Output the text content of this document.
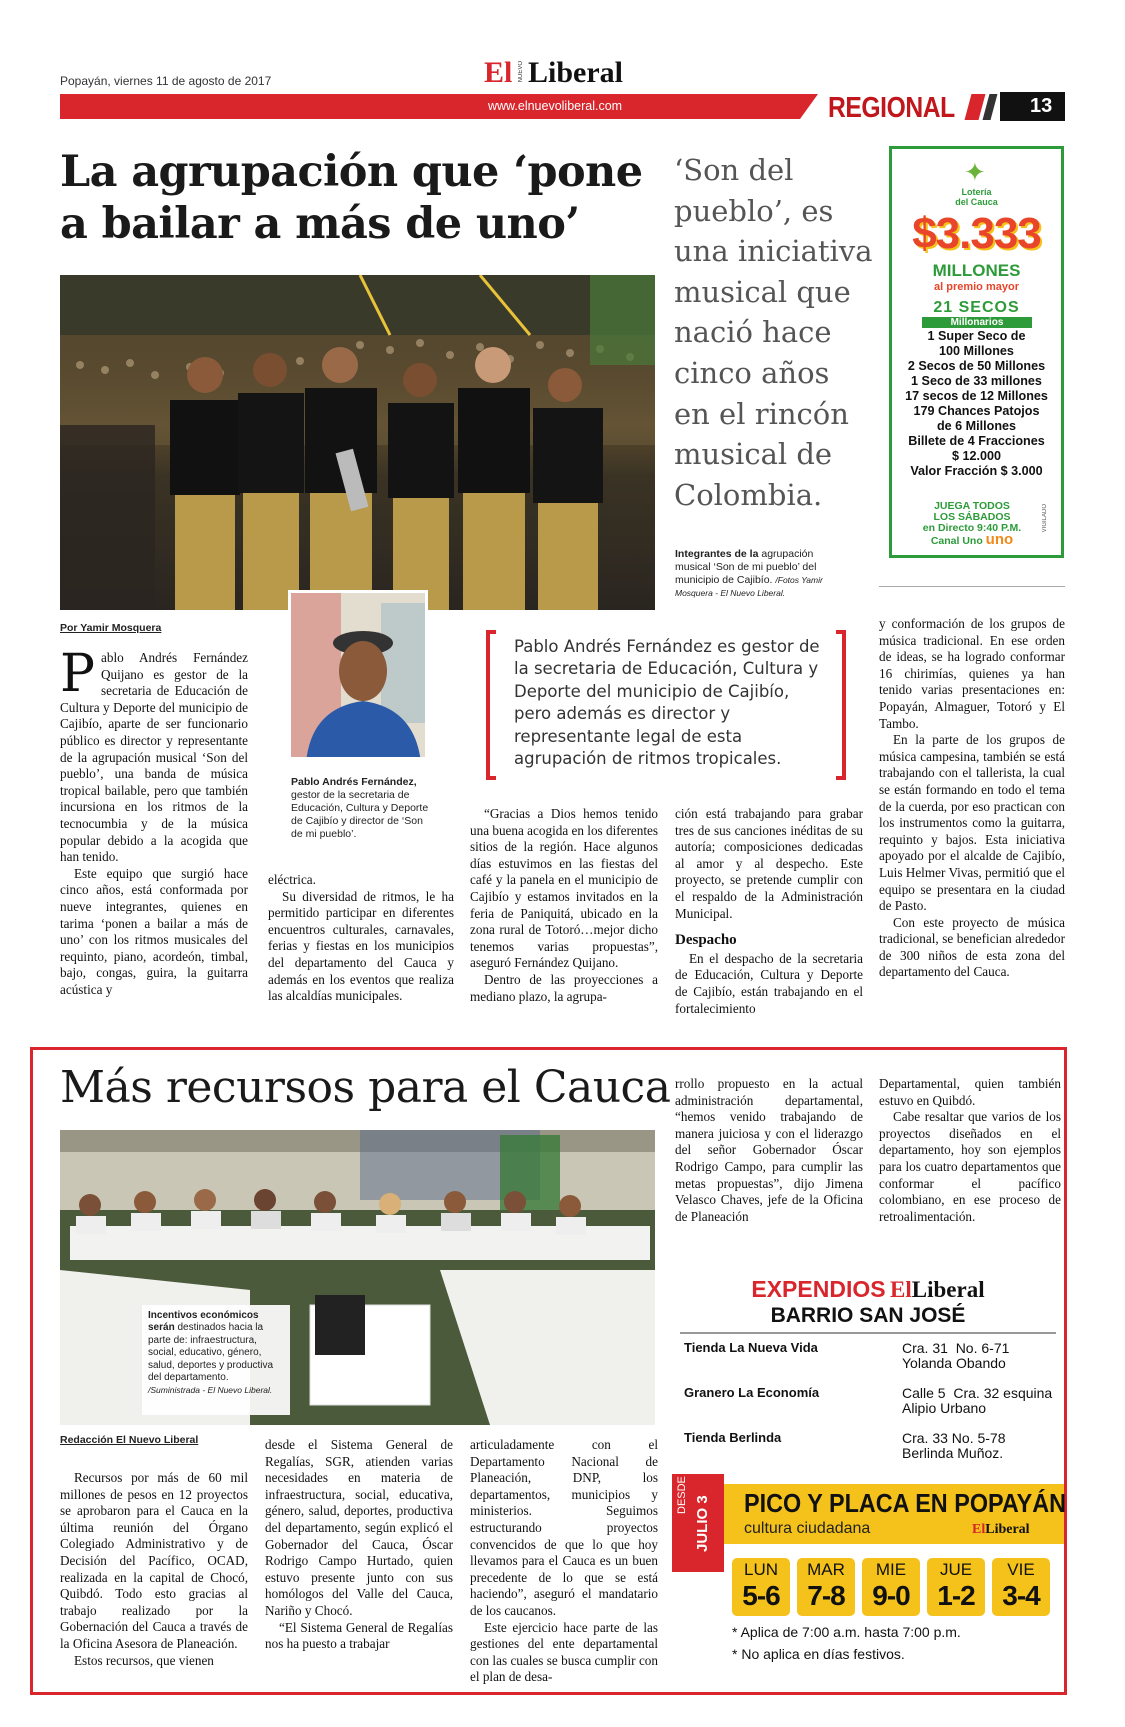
Popayán, viernes 11 de agosto de 2017	El NUEVO Liberal
www.elnuevoliberal.com	REGIONAL	13
La agrupación que ‘pone
a bailar a más de uno’
‘Son del pueblo’, es una iniciativa musical que nació hace cinco años en el rincón musical de Colombia.
Integrantes de la agrupación musical ‘Son de mi pueblo’ del municipio de Cajibío. /Fotos Yamir Mosquera - El Nuevo Liberal.
Por Yamir Mosquera
Pablo Andrés Fernández, gestor de la secretaria de Educación, Cultura y Deporte de Cajibío y director de ‘Son de mi pueblo’.
Pablo Andrés Fernández es gestor de la secretaria de Educación, Cultura y Deporte del municipio de Cajibío, pero además es director y representante legal de esta agrupación de ritmos tropicales.

Pablo Andrés Fernández Quijano es gestor de la secretaria de Educación de Cultura y Deporte del municipio de Cajibío, aparte de ser funcionario público es director y representante de la agrupación musical ‘Son del pueblo’, una banda de música tropical bailable, pero que también incursiona en los ritmos de la tecnocumbia y de la música popular debido a la acogida que han tenido.

Este equipo que surgió hace cinco años, está conformada por nueve integrantes, quienes en tarima ‘ponen a bailar a más de uno’ con los ritmos musicales del requinto, piano, acordeón, timbal, bajo, congas, guira, la guitarra acústica y

eléctrica.

Su diversidad de ritmos, le ha permitido participar en diferentes encuentros culturales, carnavales, ferias y fiestas en los municipios del departamento del Cauca y además en los eventos que realiza las alcaldías municipales.

“Gracias a Dios hemos tenido una buena acogida en los diferentes sitios de la región. Hace algunos días estuvimos en las fiestas del café y la panela en el municipio de Cajibío y estamos invitados en la feria de Paniquitá, ubicado en la zona rural de Totoró…mejor dicho tenemos varias propuestas”, aseguró Fernández Quijano.

Dentro de las proyecciones a mediano plazo, la agrupa-

ción está trabajando para grabar tres de sus canciones inéditas de su autoría; composiciones dedicadas al amor y al despecho. Este proyecto, se pretende cumplir con el respaldo de la Administración Municipal.

Despacho

En el despacho de la secretaria de Educación, Cultura y Deporte de Cajibío, están trabajando en el fortalecimiento

y conformación de los grupos de música tradicional. En ese orden de ideas, se ha logrado conformar 16 chirimías, quienes ya han tenido varias presentaciones en: Popayán, Almaguer, Totoró y El Tambo.

En la parte de los grupos de música campesina, también se está trabajando con el tallerista, la cual se están formando en todo el tema de la cuerda, por eso practican con los instrumentos como la guitarra, requinto y bajos. Esta iniciativa apoyado por el alcalde de Cajibío, Luis Helmer Vivas, permitió que el equipo se presentara en la ciudad de Pasto.

Con este proyecto de música tradicional, se benefician alrededor de 300 niños de esta zona del departamento del Cauca.

✦
Lotería
del Cauca
$3.333
MILLONES
al premio mayor
21 SECOS
Millonarios
1 Super Seco de
100 Millones
2 Secos de 50 Millones
1 Seco de 33 millones
17 secos de 12 Millones
179 Chances Patojos
de 6 Millones
Billete de 4 Fracciones
$ 12.000
Valor Fracción $ 3.000
JUEGA TODOS
LOS SÁBADOS
en Directo 9:40 P.M.
Canal Uno uno
VIGILADO
Más recursos para el Cauca
Incentivos económicos serán destinados hacia la parte de: infraestructura, social, educativo, género, salud, deportes y productiva del departamento.
/Suministrada - El Nuevo Liberal.
Redacción El Nuevo Liberal

Recursos por más de 60 mil millones de pesos en 12 proyectos se aprobaron para el Cauca en la última reunión del Órgano Colegiado Administrativo y de Decisión del Pacífico, OCAD, realizada en la capital de Chocó, Quibdó. Todo esto gracias al trabajo realizado por la Gobernación del Cauca a través de la Oficina Asesora de Planeación.

Estos recursos, que vienen

desde el Sistema General de Regalías, SGR, atienden varias necesidades en materia de infraestructura, social, educativa, género, salud, deportes, productiva del departamento, según explicó el Gobernador del Cauca, Óscar Rodrigo Campo Hurtado, quien estuvo presente junto con sus homólogos del Valle del Cauca, Nariño y Chocó.

“El Sistema General de Regalías nos ha puesto a trabajar

articuladamente con el Departamento Nacional de Planeación, DNP, los departamentos, municipios y ministerios. Seguimos estructurando proyectos convencidos de que lo que hoy llevamos para el Cauca es un buen precedente de lo que se está haciendo”, aseguró el mandatario de los caucanos.

Este ejercicio hace parte de las gestiones del ente departamental con las cuales se busca cumplir con el plan de desa-

rrollo propuesto en la actual administración departamental, “hemos venido trabajando de manera juiciosa y con el liderazgo del señor Gobernador Óscar Rodrigo Campo, para cumplir las metas propuestas”, dijo Jimena Velasco Chaves, jefe de la Oficina de Planeación

Departamental, quien también estuvo en Quibdó.

Cabe resaltar que varios de los proyectos diseñados en el departamento, hoy son ejemplos para los cuatro departamentos que conformar el pacífico colombiano, en ese proceso de retroalimentación.

EXPENDIOS ElLiberal
BARRIO SAN JOSÉ
Tienda La Nueva Vida	Cra. 31  No. 6-71
Yolanda Obando
Granero La Economía	Calle 5  Cra. 32 esquina
Alipio Urbano
Tienda Berlinda	Cra. 33 No. 5-78
Berlinda Muñoz.
DESDE
JULIO 3 PICO Y PLACA EN POPAYÁN
cultura ciudadana	ElLiberal
LUN
5-6
MAR
7-8
MIE
9-0
JUE
1-2
VIE
3-4
* Aplica de 7:00 a.m. hasta 7:00 p.m.
* No aplica en días festivos.
